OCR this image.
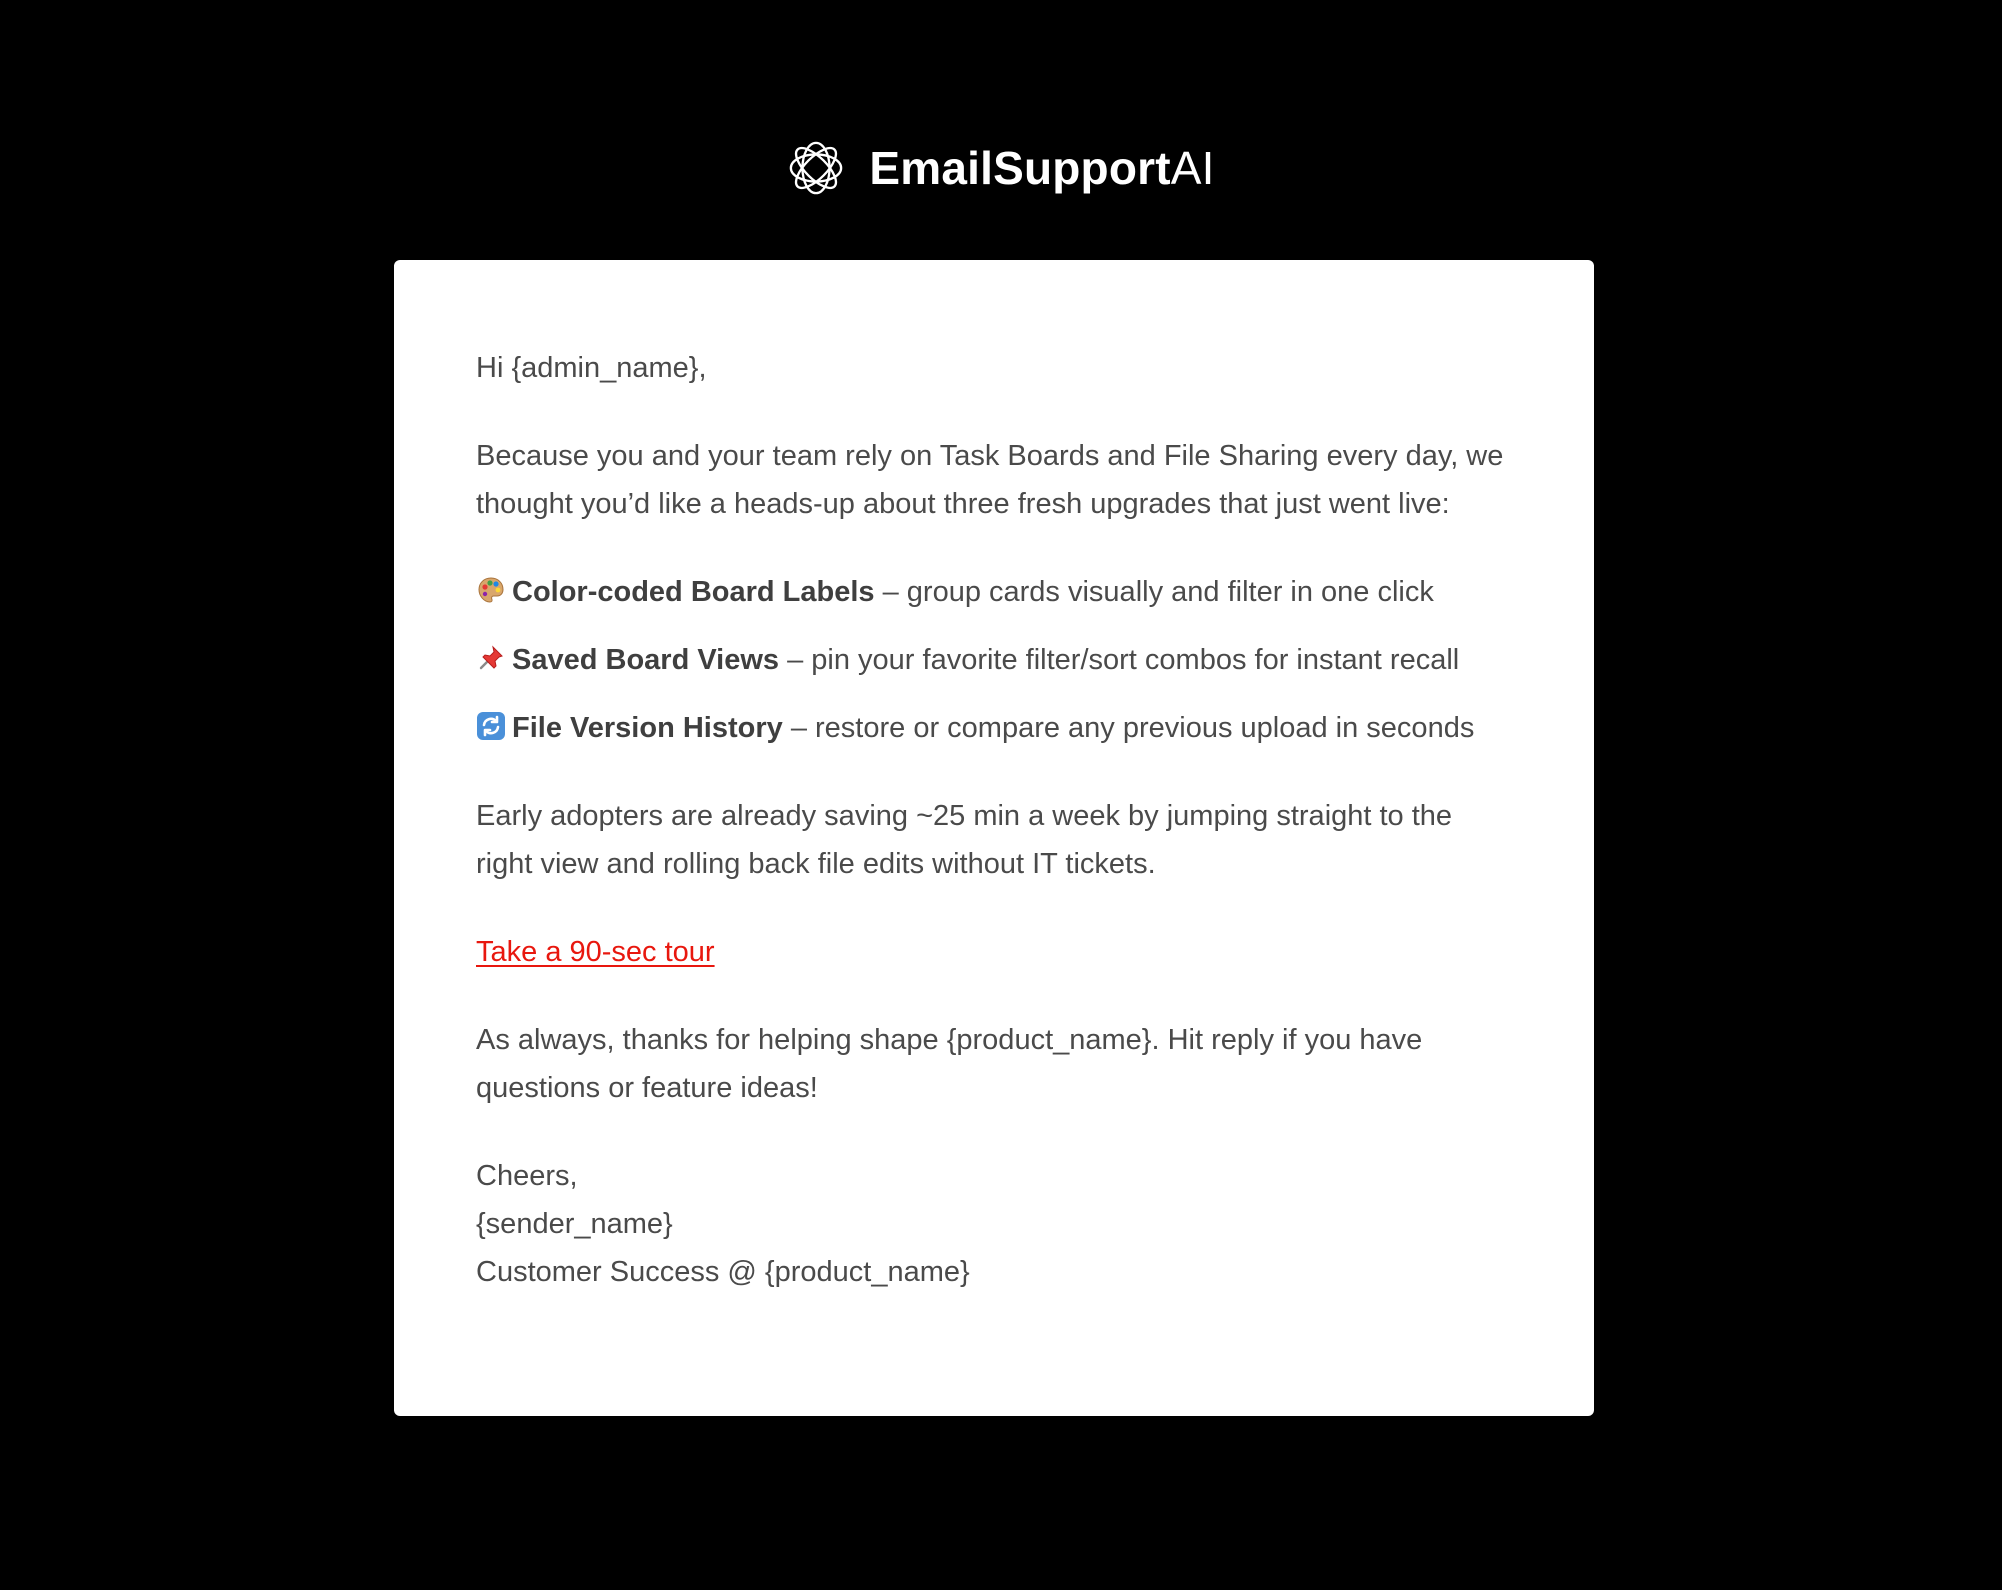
EmailSupportAI

Hi {admin_name},

Because you and your team rely on Task Boards and File Sharing every day, we thought you’d like a heads-up about three fresh upgrades that just went live:

Color-coded Board Labels – group cards visually and filter in one click
Saved Board Views – pin your favorite filter/sort combos for instant recall
File Version History – restore or compare any previous upload in seconds

Early adopters are already saving ~25 min a week by jumping straight to the right view and rolling back file edits without IT tickets.

Take a 90-sec tour

As always, thanks for helping shape {product_name}. Hit reply if you have questions or feature ideas!

Cheers,
{sender_name}
Customer Success @ {product_name}
